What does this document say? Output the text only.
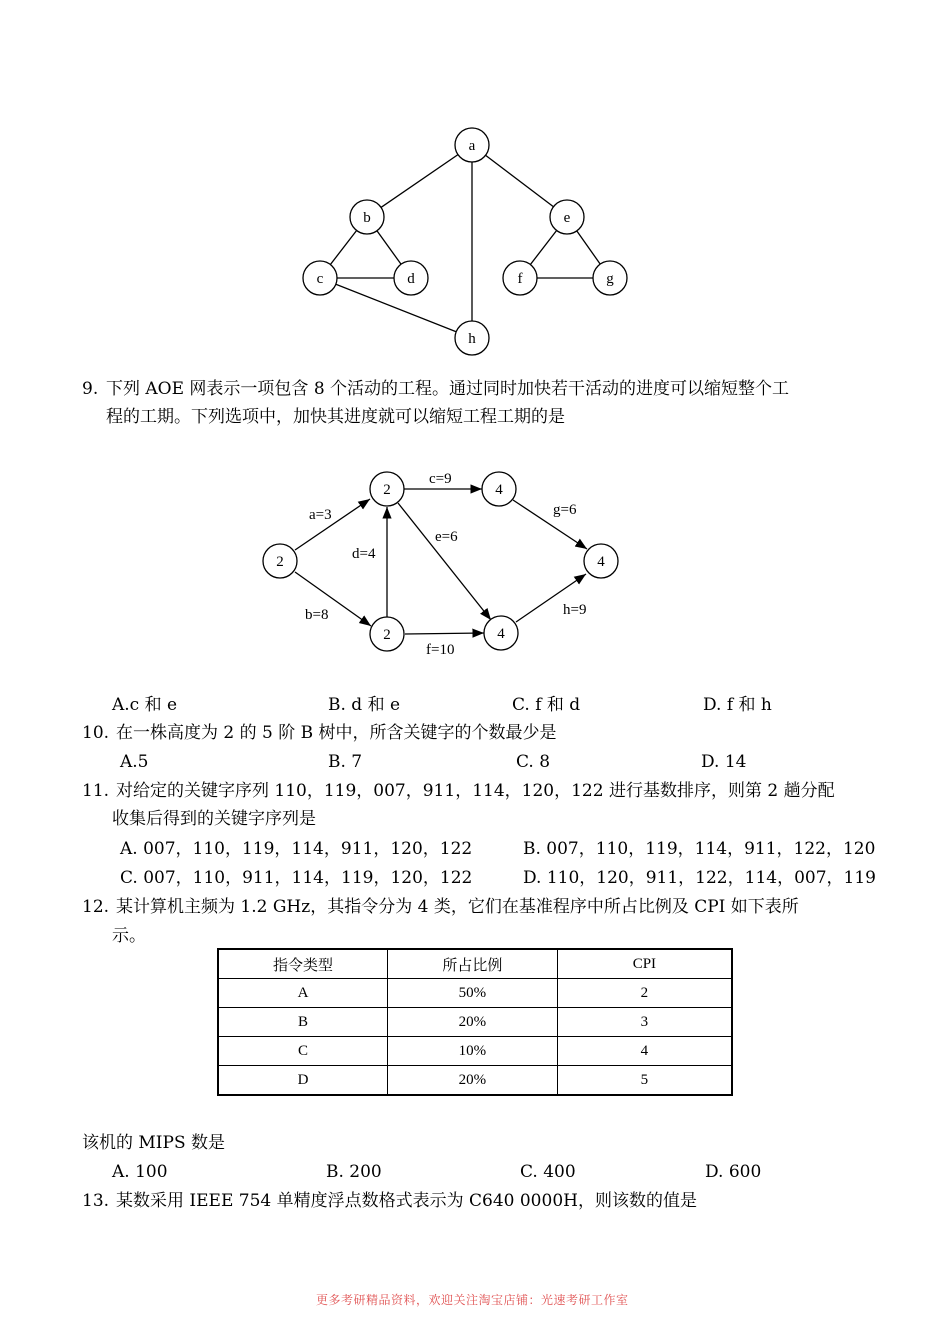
a
b
c	d
e
f	g
h
9. 下列 AOE 网表示一项包含 8 个活动的工程。通过同时加快若干活动的进度可以缩短整个工
程的工期。下列选项中，加快其进度就可以缩短工程工期的是
2
2
2
4
4
4
a=3
b=8
c=9
d=4
e=6
f=10
g=6
h=9
A.c 和 e	B. d 和 e	C. f 和 d	D. f 和 h
10. 在一株高度为 2 的 5 阶 B 树中，所含关键字的个数最少是
A.5	B. 7	C. 8	D. 14
11. 对给定的关键字序列 110，119，007，911，114，120，122 进行基数排序，则第 2 趟分配
收集后得到的关键字序列是
A. 007，110，119，114，911，120，122	B. 007，110，119，114，911，122，120
C. 007，110，911，114，119，120，122	D. 110，120，911，122，114，007，119
12. 某计算机主频为 1.2 GHz，其指令分为 4 类，它们在基准程序中所占比例及 CPI 如下表所
示。
指令类型	所占比例	CPI
A	50%	2
B	20%	3
C	10%	4
D	20%	5
该机的 MIPS 数是
A. 100	B. 200	C. 400	D. 600
13. 某数采用 IEEE 754 单精度浮点数格式表示为 C640 0000H，则该数的值是
更多考研精品资料，欢迎关注淘宝店铺：光速考研工作室
